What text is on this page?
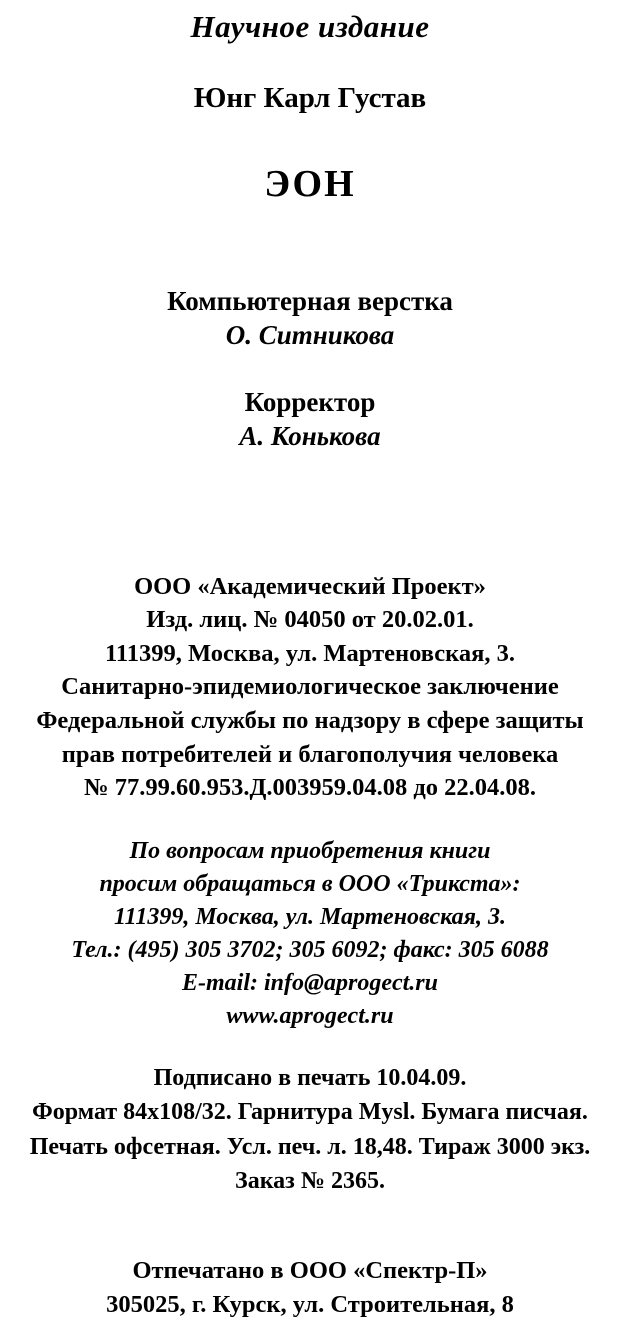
Научное издание
Юнг Карл Густав
ЭОН
Компьютерная верстка
О. Ситникова
Корректор
А. Конькова
ООО «Академический Проект»
Изд. лиц. № 04050 от 20.02.01.
111399, Москва, ул. Мартеновская, 3.
Санитарно-эпидемиологическое заключение
Федеральной службы по надзору в сфере защиты
прав потребителей и благополучия человека
№ 77.99.60.953.Д.003959.04.08 до 22.04.08.
По вопросам приобретения книги
просим обращаться в ООО «Трикста»:
111399, Москва, ул. Мартеновская, 3.
Тел.: (495) 305 3702; 305 6092; факс: 305 6088
E-mail: info@aprogect.ru
www.aprogect.ru
Подписано в печать 10.04.09.
Формат 84х108/32. Гарнитура Mysl. Бумага писчая.
Печать офсетная. Усл. печ. л. 18,48. Тираж 3000 экз.
Заказ № 2365.
Отпечатано в ООО «Спектр-П»
305025, г. Курск, ул. Строительная, 8
